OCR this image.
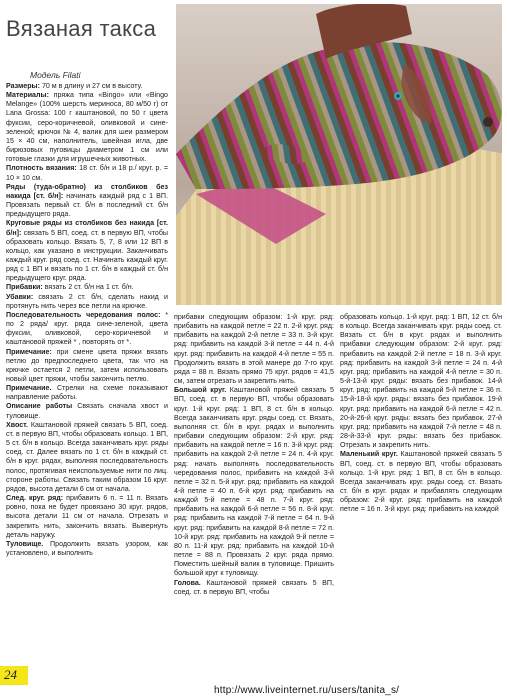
Вязаная такса
Модель Filati

Размеры: 70 м в длину и 27 см в высоту.

Материалы: пряжа типа «Bingo» или «Bingo Melange» (100% шерсть мериноса, 80 м/50 г) от Lana Grossa: 100 г каштановой, по 50 г цвета фуксии, серо-коричневой, оливковой и сине-зеленой; крючок № 4, валик для шеи размером 15 × 40 см, наполнитель, швейная игла, две бирюзовых пуговицы диаметром 1 см или готовые глазки для игрушечных животных.

Плотность вязания: 18 ст. б/н и 18 р./ круг. р. = 10 × 10 см.

Ряды (туда-обратно) из столбиков без накида [ст. б/н]: начинать каждый ряд с 1 ВП. Провязать первый ст. б/н в последний ст. б/н предыдущего ряда.

Круговые ряды из столбиков без накида [ст. б/н]: связать 5 ВП, соед. ст. в первую ВП, чтобы образовать кольцо. Вязать 5, 7, 8 или 12 ВП в кольцо, как указано в инструкции. Заканчивать каждый круг. ряд соед. ст. Начинать каждый круг. ряд с 1 ВП и вязать по 1 ст. б/н в каждый ст. б/н предыдущего круг. ряда.

Прибавки: вязать 2 ст. б/н на 1 ст. б/н.

Убавки: связать 2 ст. б/н, сделать накид и протянуть нить через все петли на крючке.

Последовательность чередования полос: * по 2 ряда/ круг. ряда сине-зеленой, цвета фуксии, оливковой, серо-коричневой и каштановой пряжей * , повторять от *.

Примечание: при смене цвета пряжи вязать петлю до предпоследнего цвета, так что на крючке остается 2 петли, затем использовать новый цвет пряжи, чтобы закончить петлю.

Примечание. Стрелки на схеме показывают направление работы.

Описание работы Связать сначала хвост и туловище.

Хвост. Каштановой пряжей связать 5 ВП, соед. ст. в первую ВП, чтобы образовать кольцо. 1 ВП, 5 ст. б/н в кольцо. Всегда заканчивать круг. ряды соед. ст. Далее вязать по 1 ст. б/н в каждый ст. б/н в круг. рядах, выполняя последовательность полос, протягивая неиспользуемые нити по лиц. стороне работы. Связать таким образом 16 круг. рядов, высота детали 6 см от начала.

След. круг. ряд: прибавить 6 п. = 11 п. Вязать ровно, пока не будет провязано 30 круг. рядов, высота детали 11 см от начала. Отрезать и закрепить нить, закончить вязать. Вывернуть деталь наружу.

Туловище. Продолжить вязать узором, как установлено, и выполнить

прибавки следующим образом: 1-й круг. ряд: прибавить на каждой петле = 22 п. 2-й круг. ряд: прибавить на каждой 2-й петле = 33 п. 3-й круг. ряд: прибавить на каждой 3-й петле = 44 п. 4-й круг. ряд: прибавить на каждой 4-й петле = 55 п. Продолжить вязать в этой манере до 7-го круг. ряда = 88 п. Вязать прямо 75 круг. рядов = 41,5 см, затем отрезать и закрепить нить.

Большой круг. Каштановой пряжей связать 5 ВП, соед. ст. в первую ВП, чтобы образовать круг. 1-й круг. ряд: 1 ВП, 8 ст. б/н в кольцо. Всегда заканчивать круг. ряды соед. ст. Вязать, выполняя ст. б/н в круг. рядах и выполнить прибавки следующим образом: 2-й круг. ряд: прибавить на каждой петле = 16 п. 3-й круг. ряд: прибавить на каждой 2-й петле = 24 п. 4-й круг. ряд: начать выполнять последовательность чередования полос, прибавить на каждой 3-й петле = 32 п. 5-й круг. ряд: прибавить на каждой 4-й петле = 40 п. 6-й круг. ряд: прибавить на каждой 5-й петле = 48 п. 7-й круг. ряд: прибавить на каждой 6-й петле = 56 п. 8-й круг. ряд: прибавить на каждой 7-й петле = 64 п. 9-й круг. ряд: прибавить на каждой 8-й петле = 72 п. 10-й круг. ряд: прибавить на каждой 9-й петле = 80 п. 11-й круг. ряд: прибавить на каждой 10-й петле = 88 п. Провязать 2 круг. ряда прямо. Поместить шейный валик в туловище. Пришить большой круг к туловищу.

Голова. Каштановой пряжей связать 5 ВП, соед. ст. в первую ВП, чтобы

образовать кольцо. 1-й круг. ряд: 1 ВП, 12 ст. б/н в кольцо. Всегда заканчивать круг. ряды соед. ст. Вязать ст. б/н в круг. рядах и выполнить прибавки следующим образом: 2-й круг. ряд: прибавить на каждой 2-й петле = 18 п. 3-й круг. ряд: прибавить на каждой 3-й петле = 24 п. 4-й круг. ряд: прибавить на каждой 4-й петле = 30 п. 5-й-13-й круг. ряды: вязать без прибавок. 14-й круг. ряд: прибавить на каждой 5-й петле = 36 п. 15-й-18-й круг. ряды: вязать без прибавок. 19-й круг. ряд: прибавить на каждой 6-й петле = 42 п. 20-й-26-й круг. ряды: вязать без прибавок. 27-й круг. ряд: прибавить на каждой 7-й петле = 48 п. 28-й-33-й круг. ряды: вязать без прибавок. Отрезать и закрепить нить.

Маленький круг. Каштановой пряжей связать 5 ВП, соед. ст. в первую ВП, чтобы образовать кольцо. 1-й круг. ряд: 1 ВП, 8 ст. б/н в кольцо. Всегда заканчивать круг. ряды соед. ст. Вязать ст. б/н в круг. рядах и прибавлять следующим образом: 2-й круг. ряд: прибавить на каждой петле = 16 п. 3-й круг. ряд: прибавить на каждой

24
http://www.liveinternet.ru/users/tanita_s/
